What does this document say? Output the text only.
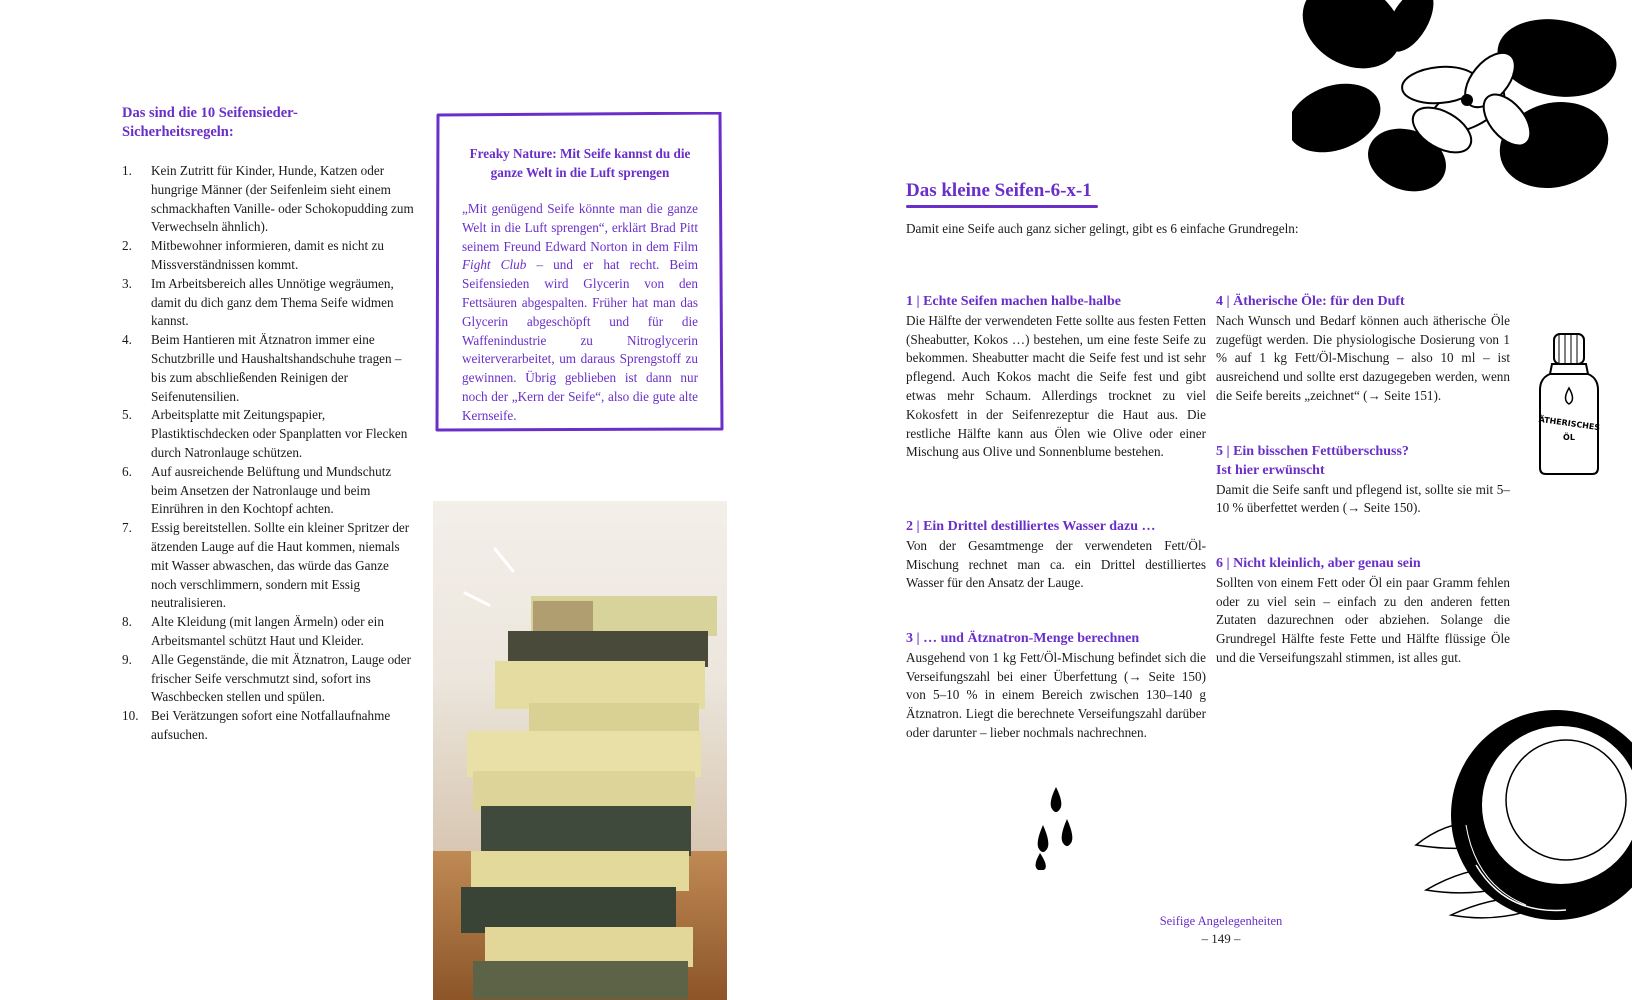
Das sind die 10 Seifensieder-Sicherheitsregeln:
1. Kein Zutritt für Kinder, Hunde, Katzen oder hungrige Männer (der Seifenleim sieht einem schmackhaften Vanille- oder Schokopudding zum Verwechseln ähnlich).
2. Mitbewohner informieren, damit es nicht zu Missverständnissen kommt.
3. Im Arbeitsbereich alles Unnötige wegräumen, damit du dich ganz dem Thema Seife widmen kannst.
4. Beim Hantieren mit Ätznatron immer eine Schutzbrille und Haushaltshandschuhe tragen – bis zum abschließenden Reinigen der Seifenutensilien.
5. Arbeitsplatte mit Zeitungspapier, Plastiktischdecken oder Spanplatten vor Flecken durch Natronlauge schützen.
6. Auf ausreichende Belüftung und Mundschutz beim Ansetzen der Natronlauge und beim Einrühren in den Kochtopf achten.
7. Essig bereitstellen. Sollte ein kleiner Spritzer der ätzenden Lauge auf die Haut kommen, niemals mit Wasser abwaschen, das würde das Ganze noch verschlimmern, sondern mit Essig neutralisieren.
8. Alte Kleidung (mit langen Ärmeln) oder ein Arbeitsmantel schützt Haut und Kleider.
9. Alle Gegenstände, die mit Ätznatron, Lauge oder frischer Seife verschmutzt sind, sofort ins Waschbecken stellen und spülen.
10. Bei Verätzungen sofort eine Notfallaufnahme aufsuchen.
Freaky Nature: Mit Seife kannst du die ganze Welt in die Luft sprengen
„Mit genügend Seife könnte man die ganze Welt in die Luft sprengen“, erklärt Brad Pitt seinem Freund Edward Norton in dem Film Fight Club – und er hat recht. Beim Seifensieden wird Glycerin von den Fettsäuren abgespalten. Früher hat man das Glycerin abgeschöpft und für die Waffenindustrie zu Nitroglycerin weiterverarbeitet, um daraus Sprengstoff zu gewinnen. Übrig geblieben ist dann nur noch der „Kern der Seife“, also die gute alte Kernseife.
Das kleine Seifen-6-x-1
Damit eine Seife auch ganz sicher gelingt, gibt es 6 einfache Grundregeln:
1 | Echte Seifen machen halbe-halbe

Die Hälfte der verwendeten Fette sollte aus festen Fetten (Sheabutter, Kokos …) bestehen, um eine feste Seife zu bekommen. Sheabutter macht die Seife fest und ist sehr pflegend. Auch Kokos macht die Seife fest und gibt etwas mehr Schaum. Allerdings trocknet zu viel Kokosfett in der Seifenrezeptur die Haut aus. Die restliche Hälfte kann aus Ölen wie Olive oder einer Mischung aus Olive und Sonnenblume bestehen.

2 | Ein Drittel destilliertes Wasser dazu …

Von der Gesamtmenge der verwendeten Fett/Öl-Mischung rechnet man ca. ein Drittel destilliertes Wasser für den Ansatz der Lauge.

3 | … und Ätznatron-Menge berechnen

Ausgehend von 1 kg Fett/Öl-Mischung befindet sich die Verseifungszahl bei einer Überfettung (→ Seite 150) von 5–10 % in einem Bereich zwischen 130–140 g Ätznatron. Liegt die berechnete Verseifungszahl darüber oder darunter – lieber nochmals nachrechnen.

4 | Ätherische Öle: für den Duft

Nach Wunsch und Bedarf können auch ätherische Öle zugefügt werden. Die physiologische Dosierung von 1 % auf 1 kg Fett/Öl-Mischung – also 10 ml – ist ausreichend und sollte erst dazugegeben werden, wenn die Seife bereits „zeichnet“ (→ Seite 151).

5 | Ein bisschen Fettüberschuss? Ist hier erwünscht

Damit die Seife sanft und pflegend ist, sollte sie mit 5–10 % überfettet werden (→ Seite 150).

6 | Nicht kleinlich, aber genau sein

Sollten von einem Fett oder Öl ein paar Gramm fehlen oder zu viel sein – einfach zu den anderen fetten Zutaten dazurechnen oder abziehen. Solange die Grundregel Hälfte feste Fette und Hälfte flüssige Öle und die Verseifungszahl stimmen, ist alles gut.

ÄTHERISCHES
ÖL
Seifige Angelegenheiten
– 149 –
